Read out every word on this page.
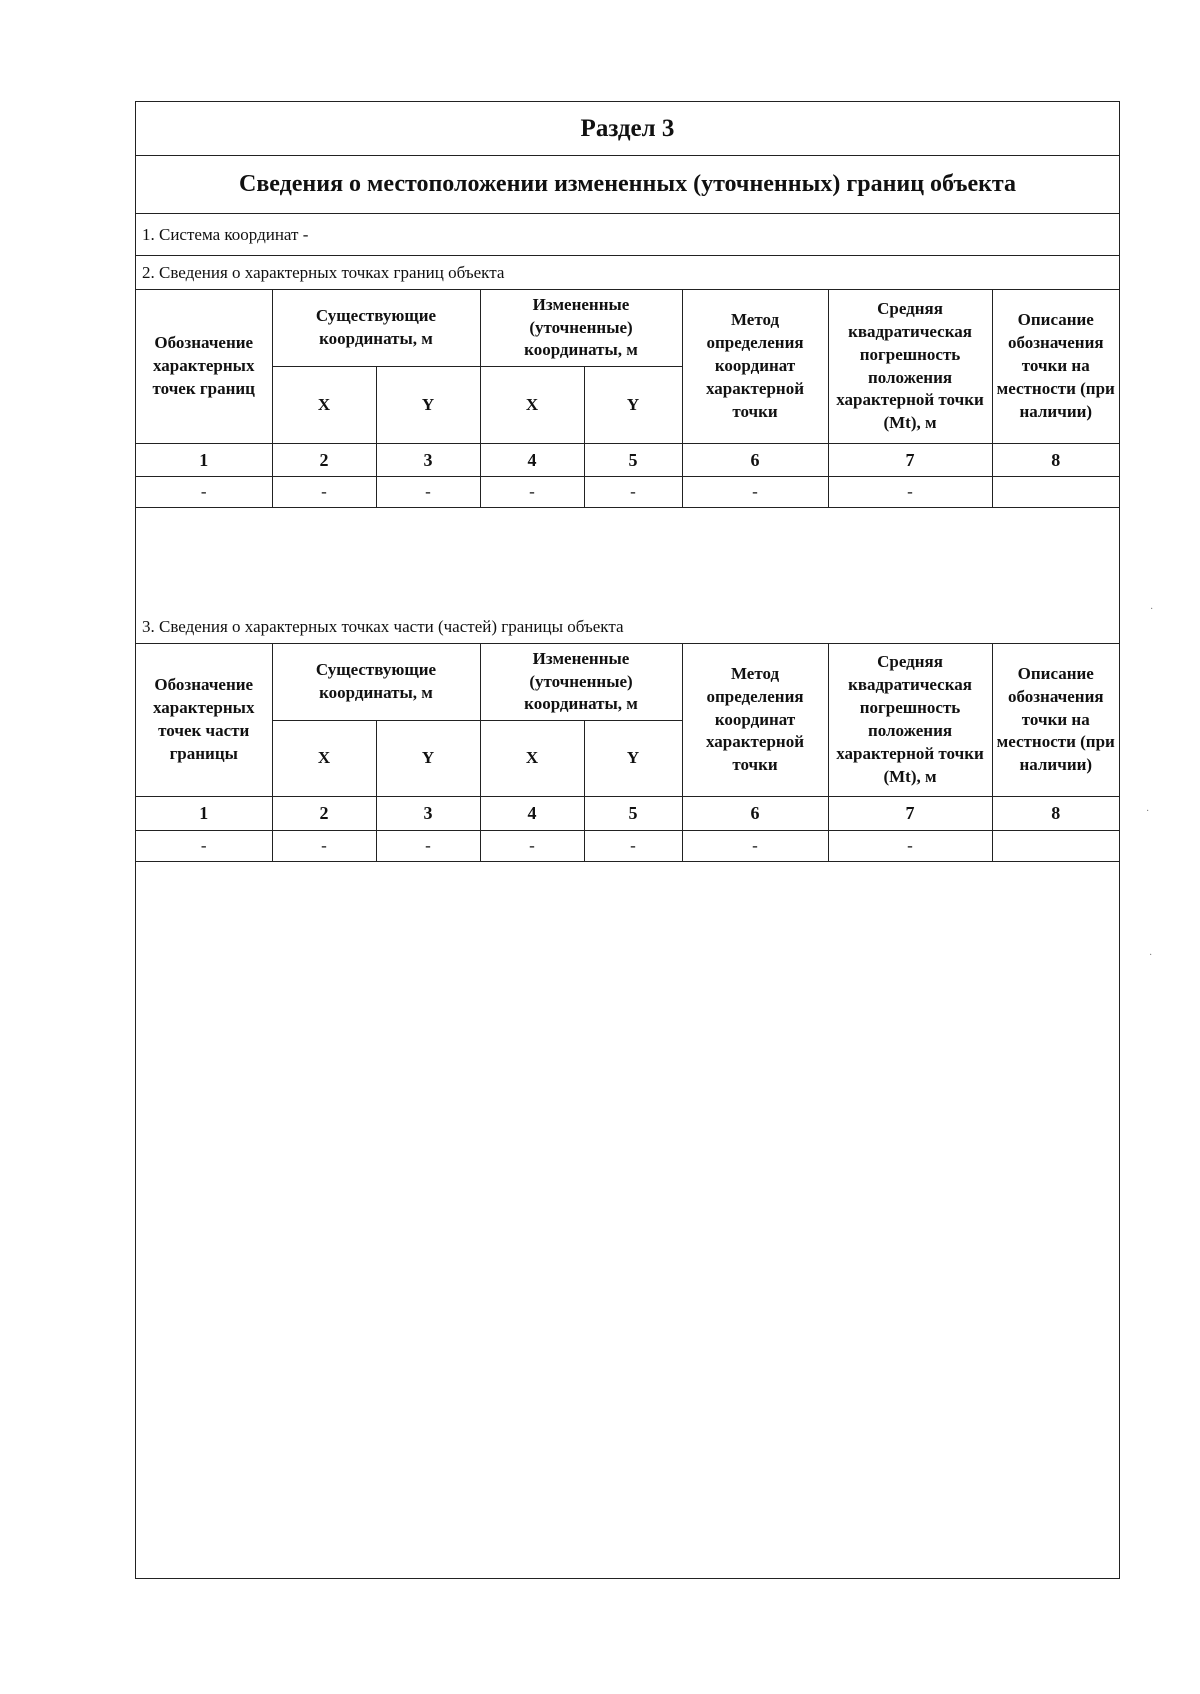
Раздел 3
Сведения о местоположении измененных (уточненных) границ объекта
1. Система координат -
2. Сведения о характерных точках границ объекта
Обозначение характерных точек границ	Существующие координаты, м		Измененные (уточненные) координаты, м		Метод определения координат характерной точки	Средняя квадратическая погрешность положения характерной точки (Mt), м	Описание обозначения точки на местности (при наличии)
	X	Y	X	Y			
1	2	3	4	5	6	7	8
-	-	-	-	-	-	-	
3. Сведения о характерных точках части (частей) границы объекта
Обозначение характерных точек части границы	Существующие координаты, м		Измененные (уточненные) координаты, м		Метод определения координат характерной точки	Средняя квадратическая погрешность положения характерной точки (Mt), м	Описание обозначения точки на местности (при наличии)
	X	Y	X	Y			
1	2	3	4	5	6	7	8
-	-	-	-	-	-	-	
·
·
·
